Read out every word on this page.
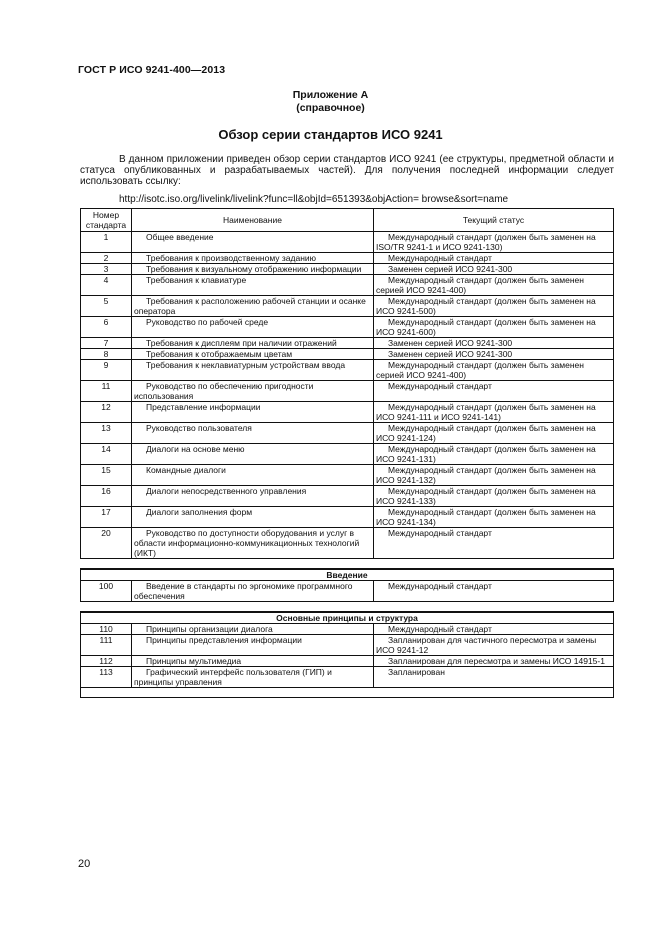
ГОСТ Р ИСО 9241-400—2013
Приложение А
(справочное)
Обзор серии стандартов ИСО 9241
В данном приложении приведен обзор серии стандартов ИСО 9241 (ее структуры, предметной области и статуса опубликованных и разрабатываемых частей). Для получения последней информации следует использовать ссылку:
http://isotc.iso.org/livelink/livelink?func=ll&objId=651393&objAction= browse&sort=name
Номер стандарта	Наименование	Текущий статус
1	Общее введение	Международный стандарт (должен быть заменен на ISO/TR 9241-1 и ИСО 9241-130)
2	Требования к производственному заданию	Международный стандарт
3	Требования к визуальному отображению информации	Заменен серией ИСО 9241-300
4	Требования к клавиатуре	Международный стандарт (должен быть заменен серией ИСО 9241-400)
5	Требования к расположению рабочей станции и осанке оператора	Международный стандарт (должен быть заменен на ИСО 9241-500)
6	Руководство по рабочей среде	Международный стандарт (должен быть заменен на ИСО 9241-600)
7	Требования к дисплеям при наличии отражений	Заменен серией ИСО 9241-300
8	Требования к отображаемым цветам	Заменен серией ИСО 9241-300
9	Требования к неклавиатурным устройствам ввода	Международный стандарт (должен быть заменен серией ИСО 9241-400)
11	Руководство по обеспечению пригодности использования	Международный стандарт
12	Представление информации	Международный стандарт (должен быть заменен на ИСО 9241-111 и ИСО 9241-141)
13	Руководство пользователя	Международный стандарт (должен быть заменен на ИСО 9241-124)
14	Диалоги на основе меню	Международный стандарт (должен быть заменен на ИСО 9241-131)
15	Командные диалоги	Международный стандарт (должен быть заменен на ИСО 9241-132)
16	Диалоги непосредственного управления	Международный стандарт (должен быть заменен на ИСО 9241-133)
17	Диалоги заполнения форм	Международный стандарт (должен быть заменен на ИСО 9241-134)
20	Руководство по доступности оборудования и услуг в области информационно-коммуникационных технологий (ИКТ)	Международный стандарт

Введение		
100	Введение в стандарты по эргономике программного обеспечения	Международный стандарт

Основные принципы и структура		
110	Принципы организации диалога	Международный стандарт
111	Принципы представления информации	Запланирован для частичного пересмотра и замены ИСО 9241-12
112	Принципы мультимедиа	Запланирован для пересмотра и замены ИСО 14915-1
113	Графический интерфейс пользователя (ГИП) и принципы управления	Запланирован

20
